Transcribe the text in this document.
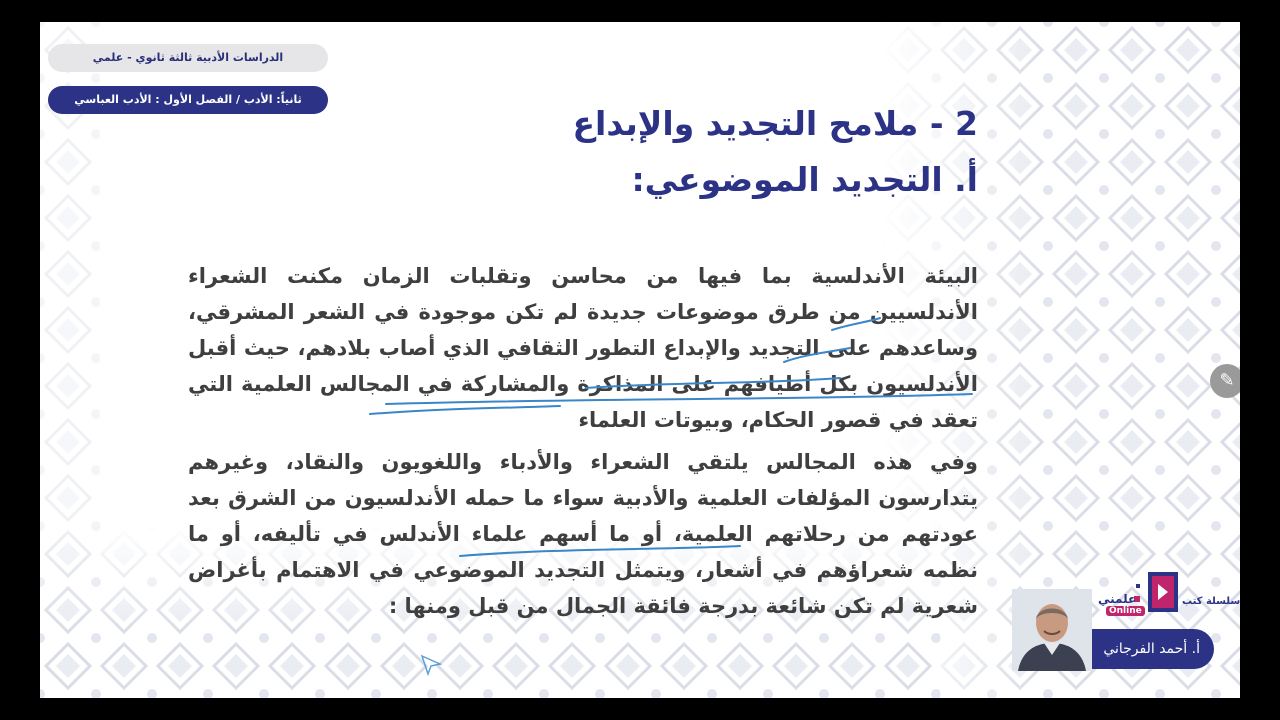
الدراسات الأدبية ثالثة ثانوي - علمي
ثانياً: الأدب / الفصل الأول : الأدب العباسي
2 - ملامح التجديد والإبداع
أ. التجديد الموضوعي:
البيئة الأندلسية بما فيها من محاسن وتقلبات الزمان مكنت الشعراء الأندلسيين من طرق موضوعات جديدة لم تكن موجودة في الشعر المشرقي، وساعدهم على التجديد والإبداع التطور الثقافي الذي أصاب بلادهم، حيث أقبل الأندلسيون بكل أطيافهم على المذاكرة والمشاركة في المجالس العلمية التي تعقد في قصور الحكام، وبيوتات العلماء
وفي هذه المجالس يلتقي الشعراء والأدباء واللغويون والنقاد، وغيرهم يتدارسون المؤلفات العلمية والأدبية سواء ما حمله الأندلسيون من الشرق بعد عودتهم من رحلاتهم العلمية، أو ما أسهم علماء الأندلس في تأليفه، أو ما نظمه شعراؤهم في أشعار، ويتمثل التجديد الموضوعي في الاهتمام بأغراض شعرية لم تكن شائعة بدرجة فائقة الجمال من قبل ومنها :
✎
علمني
Online
سلسلة كتب
أ. أحمد الفرجاني
